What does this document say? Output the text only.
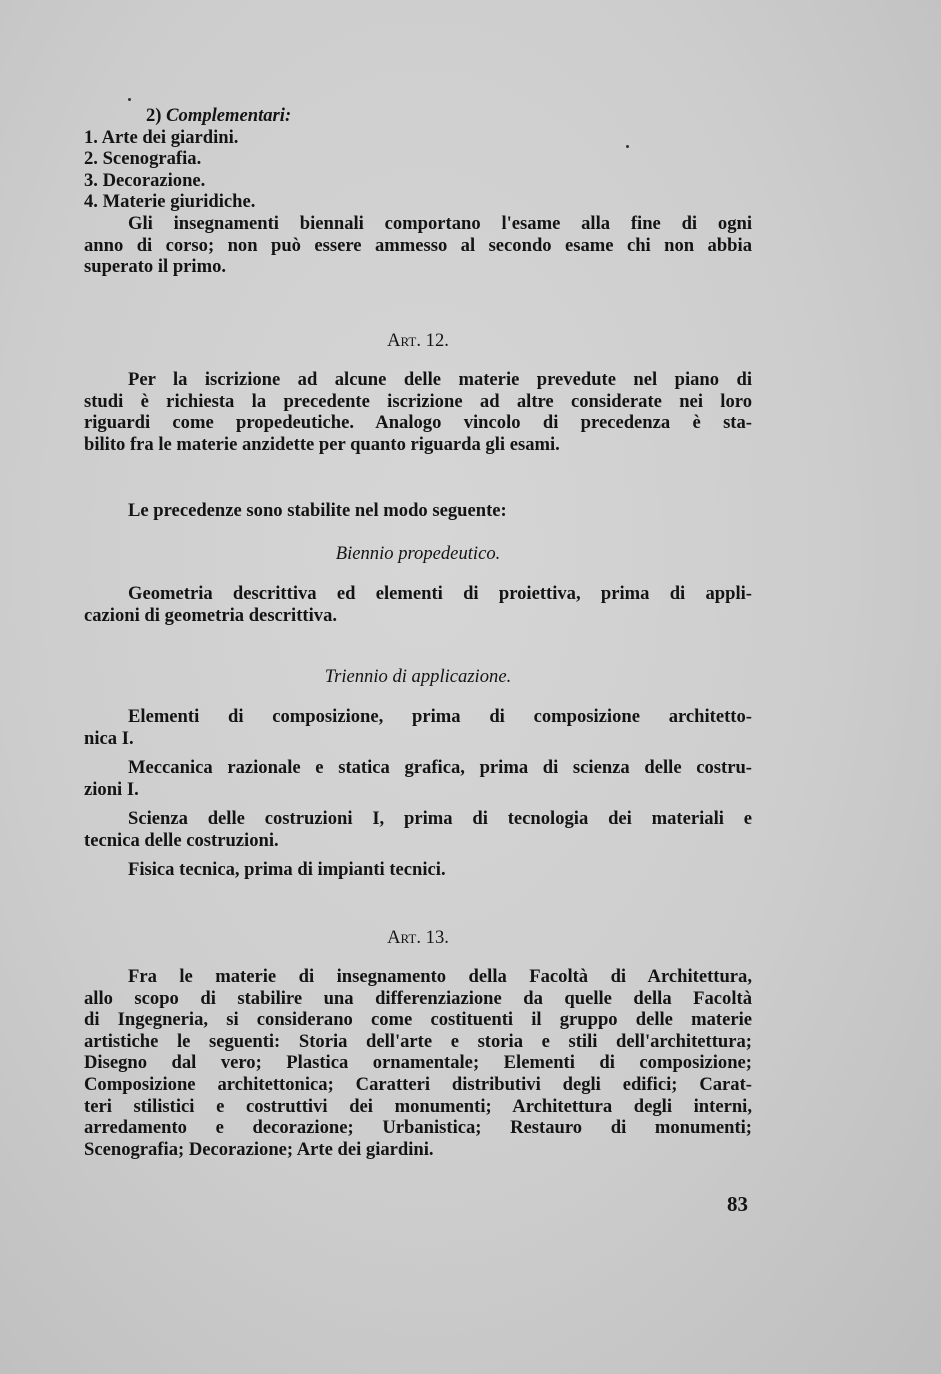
2) Complementari:
1. Arte dei giardini.
2. Scenografia.
3. Decorazione.
4. Materie giuridiche.
Gli insegnamenti biennali comportano l'esame alla fine di ogni
anno di corso; non può essere ammesso al secondo esame chi non abbia
superato il primo.
Art. 12.
Per la iscrizione ad alcune delle materie prevedute nel piano di
studi è richiesta la precedente iscrizione ad altre considerate nei loro
riguardi come propedeutiche. Analogo vincolo di precedenza è sta-
bilito fra le materie anzidette per quanto riguarda gli esami.
Le precedenze sono stabilite nel modo seguente:
Biennio propedeutico.
Geometria descrittiva ed elementi di proiettiva, prima di appli-
cazioni di geometria descrittiva.
Triennio di applicazione.
Elementi di composizione, prima di composizione architetto-
nica I.
Meccanica razionale e statica grafica, prima di scienza delle costru-
zioni I.
Scienza delle costruzioni I, prima di tecnologia dei materiali e
tecnica delle costruzioni.
Fisica tecnica, prima di impianti tecnici.
Art. 13.
Fra le materie di insegnamento della Facoltà di Architettura,
allo scopo di stabilire una differenziazione da quelle della Facoltà
di Ingegneria, si considerano come costituenti il gruppo delle materie
artistiche le seguenti: Storia dell'arte e storia e stili dell'architettura;
Disegno dal vero; Plastica ornamentale; Elementi di composizione;
Composizione architettonica; Caratteri distributivi degli edifici; Carat-
teri stilistici e costruttivi dei monumenti; Architettura degli interni,
arredamento e decorazione; Urbanistica; Restauro di monumenti;
Scenografia; Decorazione; Arte dei giardini.
83
